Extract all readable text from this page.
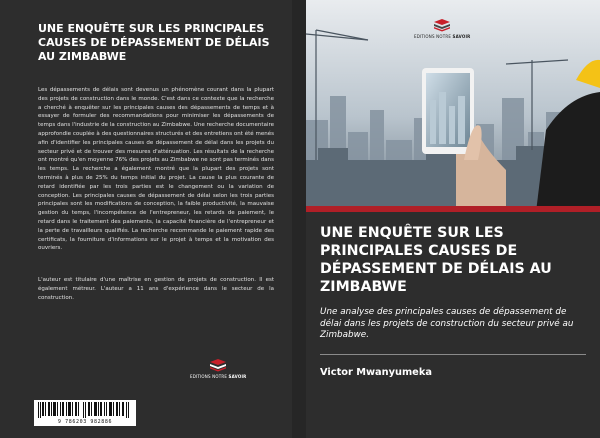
UNE ENQUÊTE SUR LES PRINCIPALES CAUSES DE DÉPASSEMENT DE DÉLAIS AU ZIMBABWE

Les dépassements de délais sont devenus un phénomène courant dans la plupart des projets de construction dans le monde. C'est dans ce contexte que la recherche a cherché à enquêter sur les principales causes des dépassements de temps et à essayer de formuler des recommandations pour minimiser les dépassements de temps dans l'industrie de la construction au Zimbabwe. Une recherche documentaire approfondie couplée à des questionnaires structurés et des entretiens ont été menés afin d'identifier les principales causes de dépassement de délai dans les projets du secteur privé et de trouver des mesures d'atténuation. Les résultats de la recherche ont montré qu'en moyenne 76% des projets au Zimbabwe ne sont pas terminés dans les temps. La recherche a également montré que la plupart des projets sont terminés à plus de 25% du temps initial du projet. La cause la plus courante de retard identifiée par les trois parties est le changement ou la variation de conception. Les principales causes de dépassement de délai selon les trois parties principales sont les modifications de conception, la faible productivité, la mauvaise gestion du temps, l'incompétence de l'entrepreneur, les retards de paiement, le retard dans le traitement des paiements, la capacité financière de l'entrepreneur et la perte de travailleurs qualifiés. La recherche recommande le paiement rapide des certificats, la fourniture d'informations sur le projet à temps et la motivation des ouvriers.

L'auteur est titulaire d'une maîtrise en gestion de projets de construction. Il est également métreur. L'auteur a 11 ans d'expérience dans le secteur de la construction.

EDITIONS NOTRE SAVOIR
9 786203 982886
EDITIONS NOTRE SAVOIR
UNE ENQUÊTE SUR LES PRINCIPALES CAUSES DE DÉPASSEMENT DE DÉLAIS AU ZIMBABWE

Une analyse des principales causes de dépassement de délai dans les projets de construction du secteur privé au Zimbabwe.

Victor Mwanyumeka
